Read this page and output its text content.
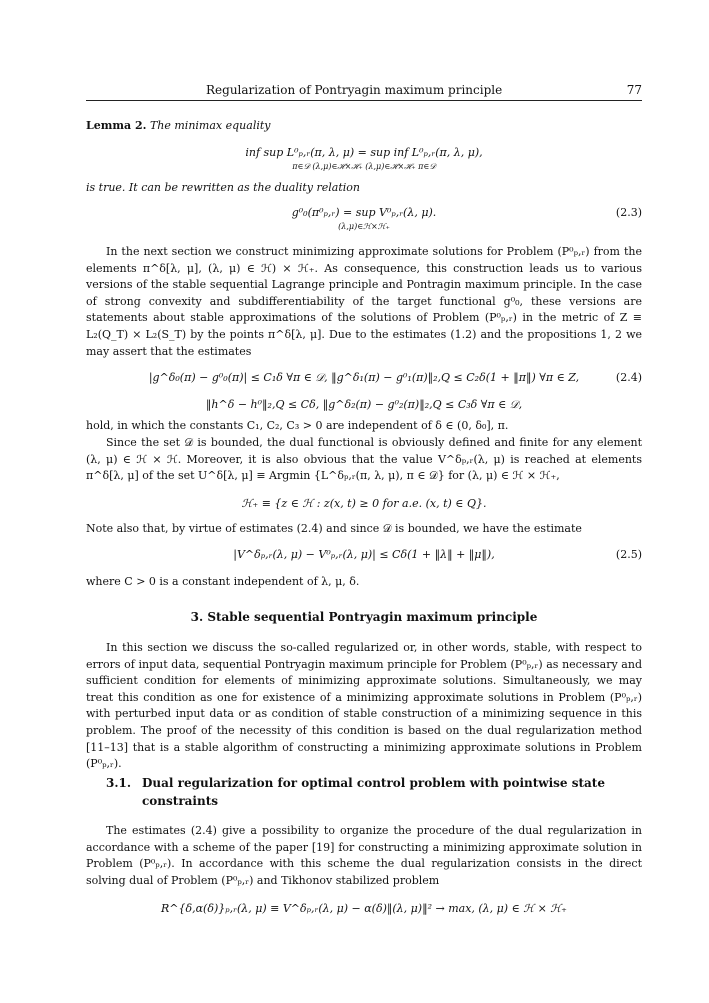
Regularization of Pontryagin maximum principle	77
Lemma 2. The minimax equality
inf sup L⁰ₚ,ᵣ(π, λ, μ) = sup inf L⁰ₚ,ᵣ(π, λ, μ),
π∈𝒟 (λ,μ)∈ℋ×ℋ₊ (λ,μ)∈ℋ×ℋ₊ π∈𝒟
is true. It can be rewritten as the duality relation
g⁰₀(π⁰ₚ,ᵣ) = sup V⁰ₚ,ᵣ(λ, μ).
(λ,μ)∈ℋ×ℋ₊
(2.3)
In the next section we construct minimizing approximate solutions for Problem (P⁰ₚ,ᵣ) from the elements π^δ[λ, μ], (λ, μ) ∈ ℋ) × ℋ₊. As consequence, this construction leads us to various versions of the stable sequential Lagrange principle and Pontragin maximum principle. In the case of strong convexity and subdifferentiability of the target functional g⁰₀, these versions are statements about stable approximations of the solutions of Problem (P⁰ₚ,ᵣ) in the metric of Z ≡ L₂(Q_T) × L₂(S_T) by the points π^δ[λ, μ]. Due to the estimates (1.2) and the propositions 1, 2 we may assert that the estimates
|g^δ₀(π) − g⁰₀(π)| ≤ C₁δ ∀π ∈ 𝒟, ‖g^δ₁(π) − g⁰₁(π)‖₂,Q ≤ C₂δ(1 + ‖π‖) ∀π ∈ Z,	(2.4)
‖h^δ − h⁰‖₂,Q ≤ Cδ, ‖g^δ₂(π) − g⁰₂(π)‖₂,Q ≤ C₃δ ∀π ∈ 𝒟,
hold, in which the constants C₁, C₂, C₃ > 0 are independent of δ ∈ (0, δ₀], π.
Since the set 𝒟 is bounded, the dual functional is obviously defined and finite for any element (λ, μ) ∈ ℋ × ℋ. Moreover, it is also obvious that the value V^δₚ,ᵣ(λ, μ) is reached at elements π^δ[λ, μ] of the set U^δ[λ, μ] ≡ Argmin {L^δₚ,ᵣ(π, λ, μ), π ∈ 𝒟} for (λ, μ) ∈ ℋ × ℋ₊,
ℋ₊ ≡ {z ∈ ℋ : z(x, t) ≥ 0 for a.e. (x, t) ∈ Q}.
Note also that, by virtue of estimates (2.4) and since 𝒟 is bounded, we have the estimate
|V^δₚ,ᵣ(λ, μ) − V⁰ₚ,ᵣ(λ, μ)| ≤ Cδ(1 + ‖λ‖ + ‖μ‖),	(2.5)
where C > 0 is a constant independent of λ, μ, δ.
3. Stable sequential Pontryagin maximum principle
In this section we discuss the so-called regularized or, in other words, stable, with respect to errors of input data, sequential Pontryagin maximum principle for Problem (P⁰ₚ,ᵣ) as necessary and sufficient condition for elements of minimizing approximate solutions. Simultaneously, we may treat this condition as one for existence of a minimizing approximate solutions in Problem (P⁰ₚ,ᵣ) with perturbed input data or as condition of stable construction of a minimizing sequence in this problem. The proof of the necessity of this condition is based on the dual regularization method [11–13] that is a stable algorithm of constructing a minimizing approximate solutions in Problem (P⁰ₚ,ᵣ).
3.1. Dual regularization for optimal control problem with pointwise state constraints
The estimates (2.4) give a possibility to organize the procedure of the dual regularization in accordance with a scheme of the paper [19] for constructing a minimizing approximate solution in Problem (P⁰ₚ,ᵣ). In accordance with this scheme the dual regularization consists in the direct solving dual of Problem (P⁰ₚ,ᵣ) and Tikhonov stabilized problem
R^{δ,α(δ)}ₚ,ᵣ(λ, μ) ≡ V^δₚ,ᵣ(λ, μ) − α(δ)‖(λ, μ)‖² → max, (λ, μ) ∈ ℋ × ℋ₊
